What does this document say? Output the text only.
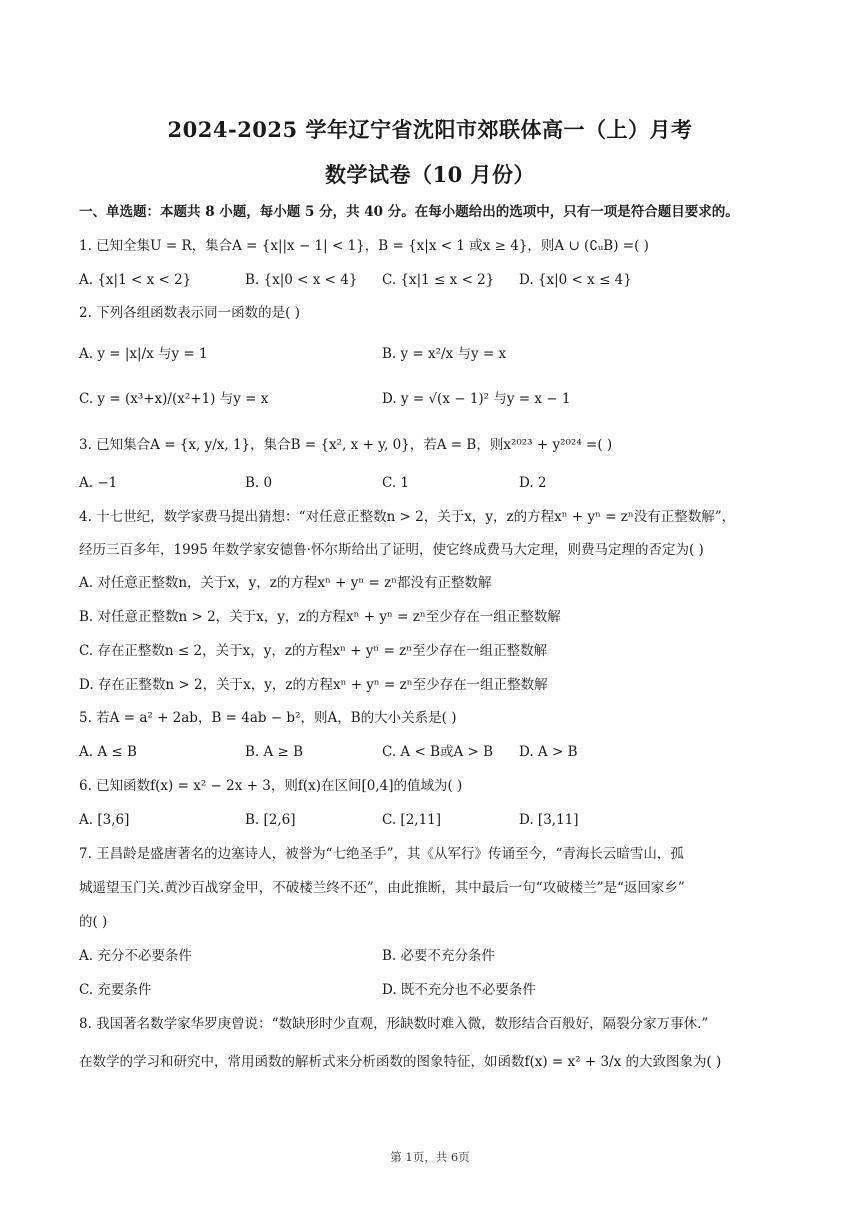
2024-2025 学年辽宁省沈阳市郊联体高一（上）月考
数学试卷（10 月份）
一、单选题：本题共 8 小题，每小题 5 分，共 40 分。在每小题给出的选项中，只有一项是符合题目要求的。
1. 已知全集U = R，集合A = {x||x − 1| < 1}，B = {x|x < 1 或x ≥ 4}，则A ∪ (∁ᵤB) =( )
A. {x|1 < x < 2}	B. {x|0 < x < 4} C. {x|1 ≤ x < 2} D. {x|0 < x ≤ 4}
2. 下列各组函数表示同一函数的是( )
A. y = |x|/x 与y = 1	B. y = x²/x 与y = x
C. y = (x³+x)/(x²+1) 与y = x	D. y = √(x − 1)² 与y = x − 1
3. 已知集合A = {x, y/x, 1}，集合B = {x², x + y, 0}，若A = B，则x²⁰²³ + y²⁰²⁴ =( )
A. −1	B. 0	C. 1	D. 2
4. 十七世纪，数学家费马提出猜想：“对任意正整数n > 2，关于x，y，z的方程xⁿ + yⁿ = zⁿ没有正整数解”，
经历三百多年，1995 年数学家安德鲁·怀尔斯给出了证明，使它终成费马大定理，则费马定理的否定为( )
A. 对任意正整数n，关于x，y，z的方程xⁿ + yⁿ = zⁿ都没有正整数解
B. 对任意正整数n > 2，关于x，y，z的方程xⁿ + yⁿ = zⁿ至少存在一组正整数解
C. 存在正整数n ≤ 2，关于x，y，z的方程xⁿ + yⁿ = zⁿ至少存在一组正整数解
D. 存在正整数n > 2，关于x，y，z的方程xⁿ + yⁿ = zⁿ至少存在一组正整数解
5. 若A = a² + 2ab，B = 4ab − b²，则A，B的大小关系是( )
A. A ≤ B	B. A ≥ B	C. A < B或A > B D. A > B
6. 已知函数f(x) = x² − 2x + 3，则f(x)在区间[0,4]的值域为( )
A. [3,6]	B. [2,6]	C. [2,11]	D. [3,11]
7. 王昌龄是盛唐著名的边塞诗人，被誉为“七绝圣手”，其《从军行》传诵至今，“青海长云暗雪山，孤
城遥望玉门关.黄沙百战穿金甲，不破楼兰终不还”，由此推断，其中最后一句“攻破楼兰”是“返回家乡”
的( )
A. 充分不必要条件	B. 必要不充分条件
C. 充要条件	D. 既不充分也不必要条件
8. 我国著名数学家华罗庚曾说：“数缺形时少直观，形缺数时难入微，数形结合百般好，隔裂分家万事休.”
在数学的学习和研究中，常用函数的解析式来分析函数的图象特征，如函数f(x) = x² + 3/x 的大致图象为( )
第 1页，共 6页
